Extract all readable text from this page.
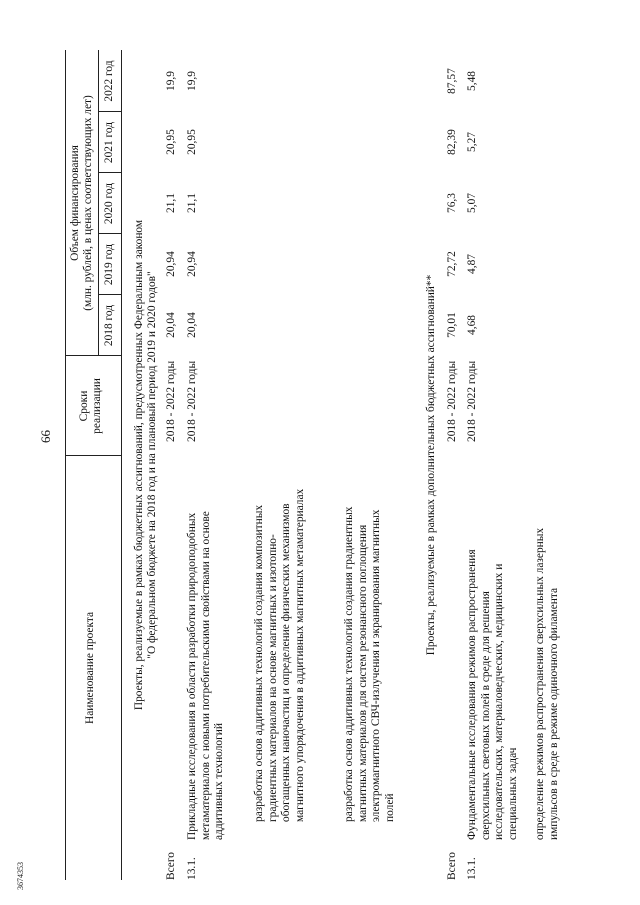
66
3674353
Наименование проекта
Сроки реализации
Объем финансирования (млн. рублей, в ценах соответствующих лет)
2018 год
2019 год
2020 год
2021 год
2022 год
Проекты, реализуемые в рамках бюджетных ассигнований, предусмотренных Федеральным законом "О федеральном бюджете на 2018 год и на плановый период 2019 и 2020 годов"
Всего
2018 - 2022 годы
20,04
20,94
21,1
20,95
19,9
13.1.
Прикладные исследования в области разработки природоподобных метаматериалов с новыми потребительскими свойствами на основе аддитивных технологий
2018 - 2022 годы
20,04
20,94
21,1
20,95
19,9
разработка основ аддитивных технологий создания композитных градиентных материалов на основе магнитных и изотопно-обогащенных наночастиц и определение физических механизмов магнитного упорядочения в аддитивных магнитных метаматериалах	разработка основ аддитивных технологий создания градиентных магнитных материалов для систем резонансного поглощения электромагнитного СВЧ-излучения и экранирования магнитных полей
Проекты, реализуемые в рамках дополнительных бюджетных ассигнований**
Всего
2018 - 2022 годы
70,01
72,72
76,3
82,39
87,57
13.1.
Фундаментальные исследования режимов распространения сверхсильных световых полей в среде для решения исследовательских, материаловедческих, медицинских и специальных задач
2018 - 2022 годы
4,68
4,87
5,07
5,27
5,48
определение режимов распространения сверхсильных лазерных импульсов в среде в режиме одиночного филамента
